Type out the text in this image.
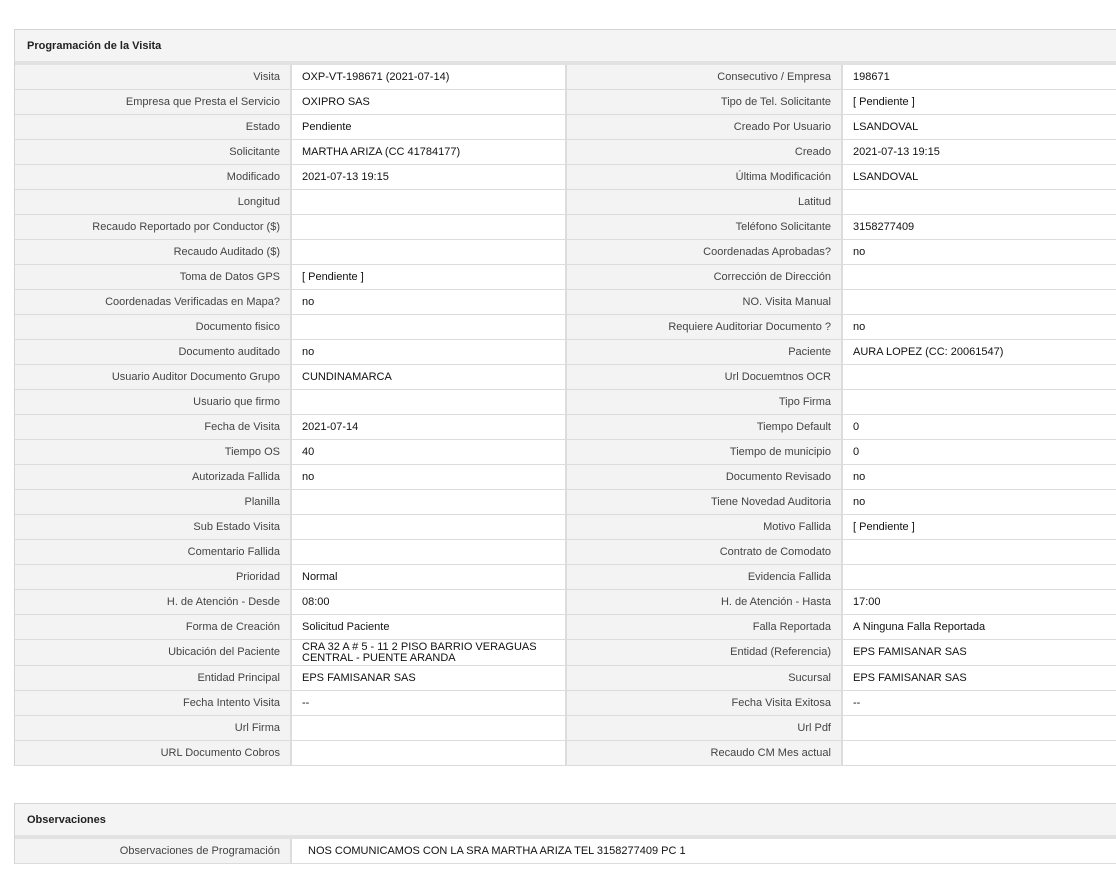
Programación de la Visita
Visita	OXP-VT-198671 (2021-07-14)	Consecutivo / Empresa	198671
Empresa que Presta el Servicio	OXIPRO SAS	Tipo de Tel. Solicitante	[ Pendiente ]
Estado	Pendiente	Creado Por Usuario	LSANDOVAL
Solicitante	MARTHA ARIZA (CC 41784177)	Creado	2021-07-13 19:15
Modificado	2021-07-13 19:15	Última Modificación	LSANDOVAL
Longitud		Latitud	
Recaudo Reportado por Conductor ($)		Teléfono Solicitante	3158277409
Recaudo Auditado ($)		Coordenadas Aprobadas?	no
Toma de Datos GPS	[ Pendiente ]	Corrección de Dirección	
Coordenadas Verificadas en Mapa?	no	NO. Visita Manual	
Documento fisico		Requiere Auditoriar Documento ?	no
Documento auditado	no	Paciente	AURA LOPEZ (CC: 20061547)
Usuario Auditor Documento Grupo	CUNDINAMARCA	Url Docuemtnos OCR	
Usuario que firmo		Tipo Firma	
Fecha de Visita	2021-07-14	Tiempo Default	0
Tiempo OS	40	Tiempo de municipio	0
Autorizada Fallida	no	Documento Revisado	no
Planilla		Tiene Novedad Auditoria	no
Sub Estado Visita		Motivo Fallida	[ Pendiente ]
Comentario Fallida		Contrato de Comodato	
Prioridad	Normal	Evidencia Fallida	
H. de Atención - Desde	08:00	H. de Atención - Hasta	17:00
Forma de Creación	Solicitud Paciente	Falla Reportada	A Ninguna Falla Reportada
Ubicación del Paciente	CRA 32 A # 5 - 11 2 PISO BARRIO VERAGUAS CENTRAL - PUENTE ARANDA	Entidad (Referencia)	EPS FAMISANAR SAS
Entidad Principal	EPS FAMISANAR SAS	Sucursal	EPS FAMISANAR SAS
Fecha Intento Visita	--	Fecha Visita Exitosa	--
Url Firma		Url Pdf	
URL Documento Cobros		Recaudo CM Mes actual	
Observaciones
Observaciones de Programación	NOS COMUNICAMOS CON LA SRA MARTHA ARIZA TEL 3158277409 PC 1
